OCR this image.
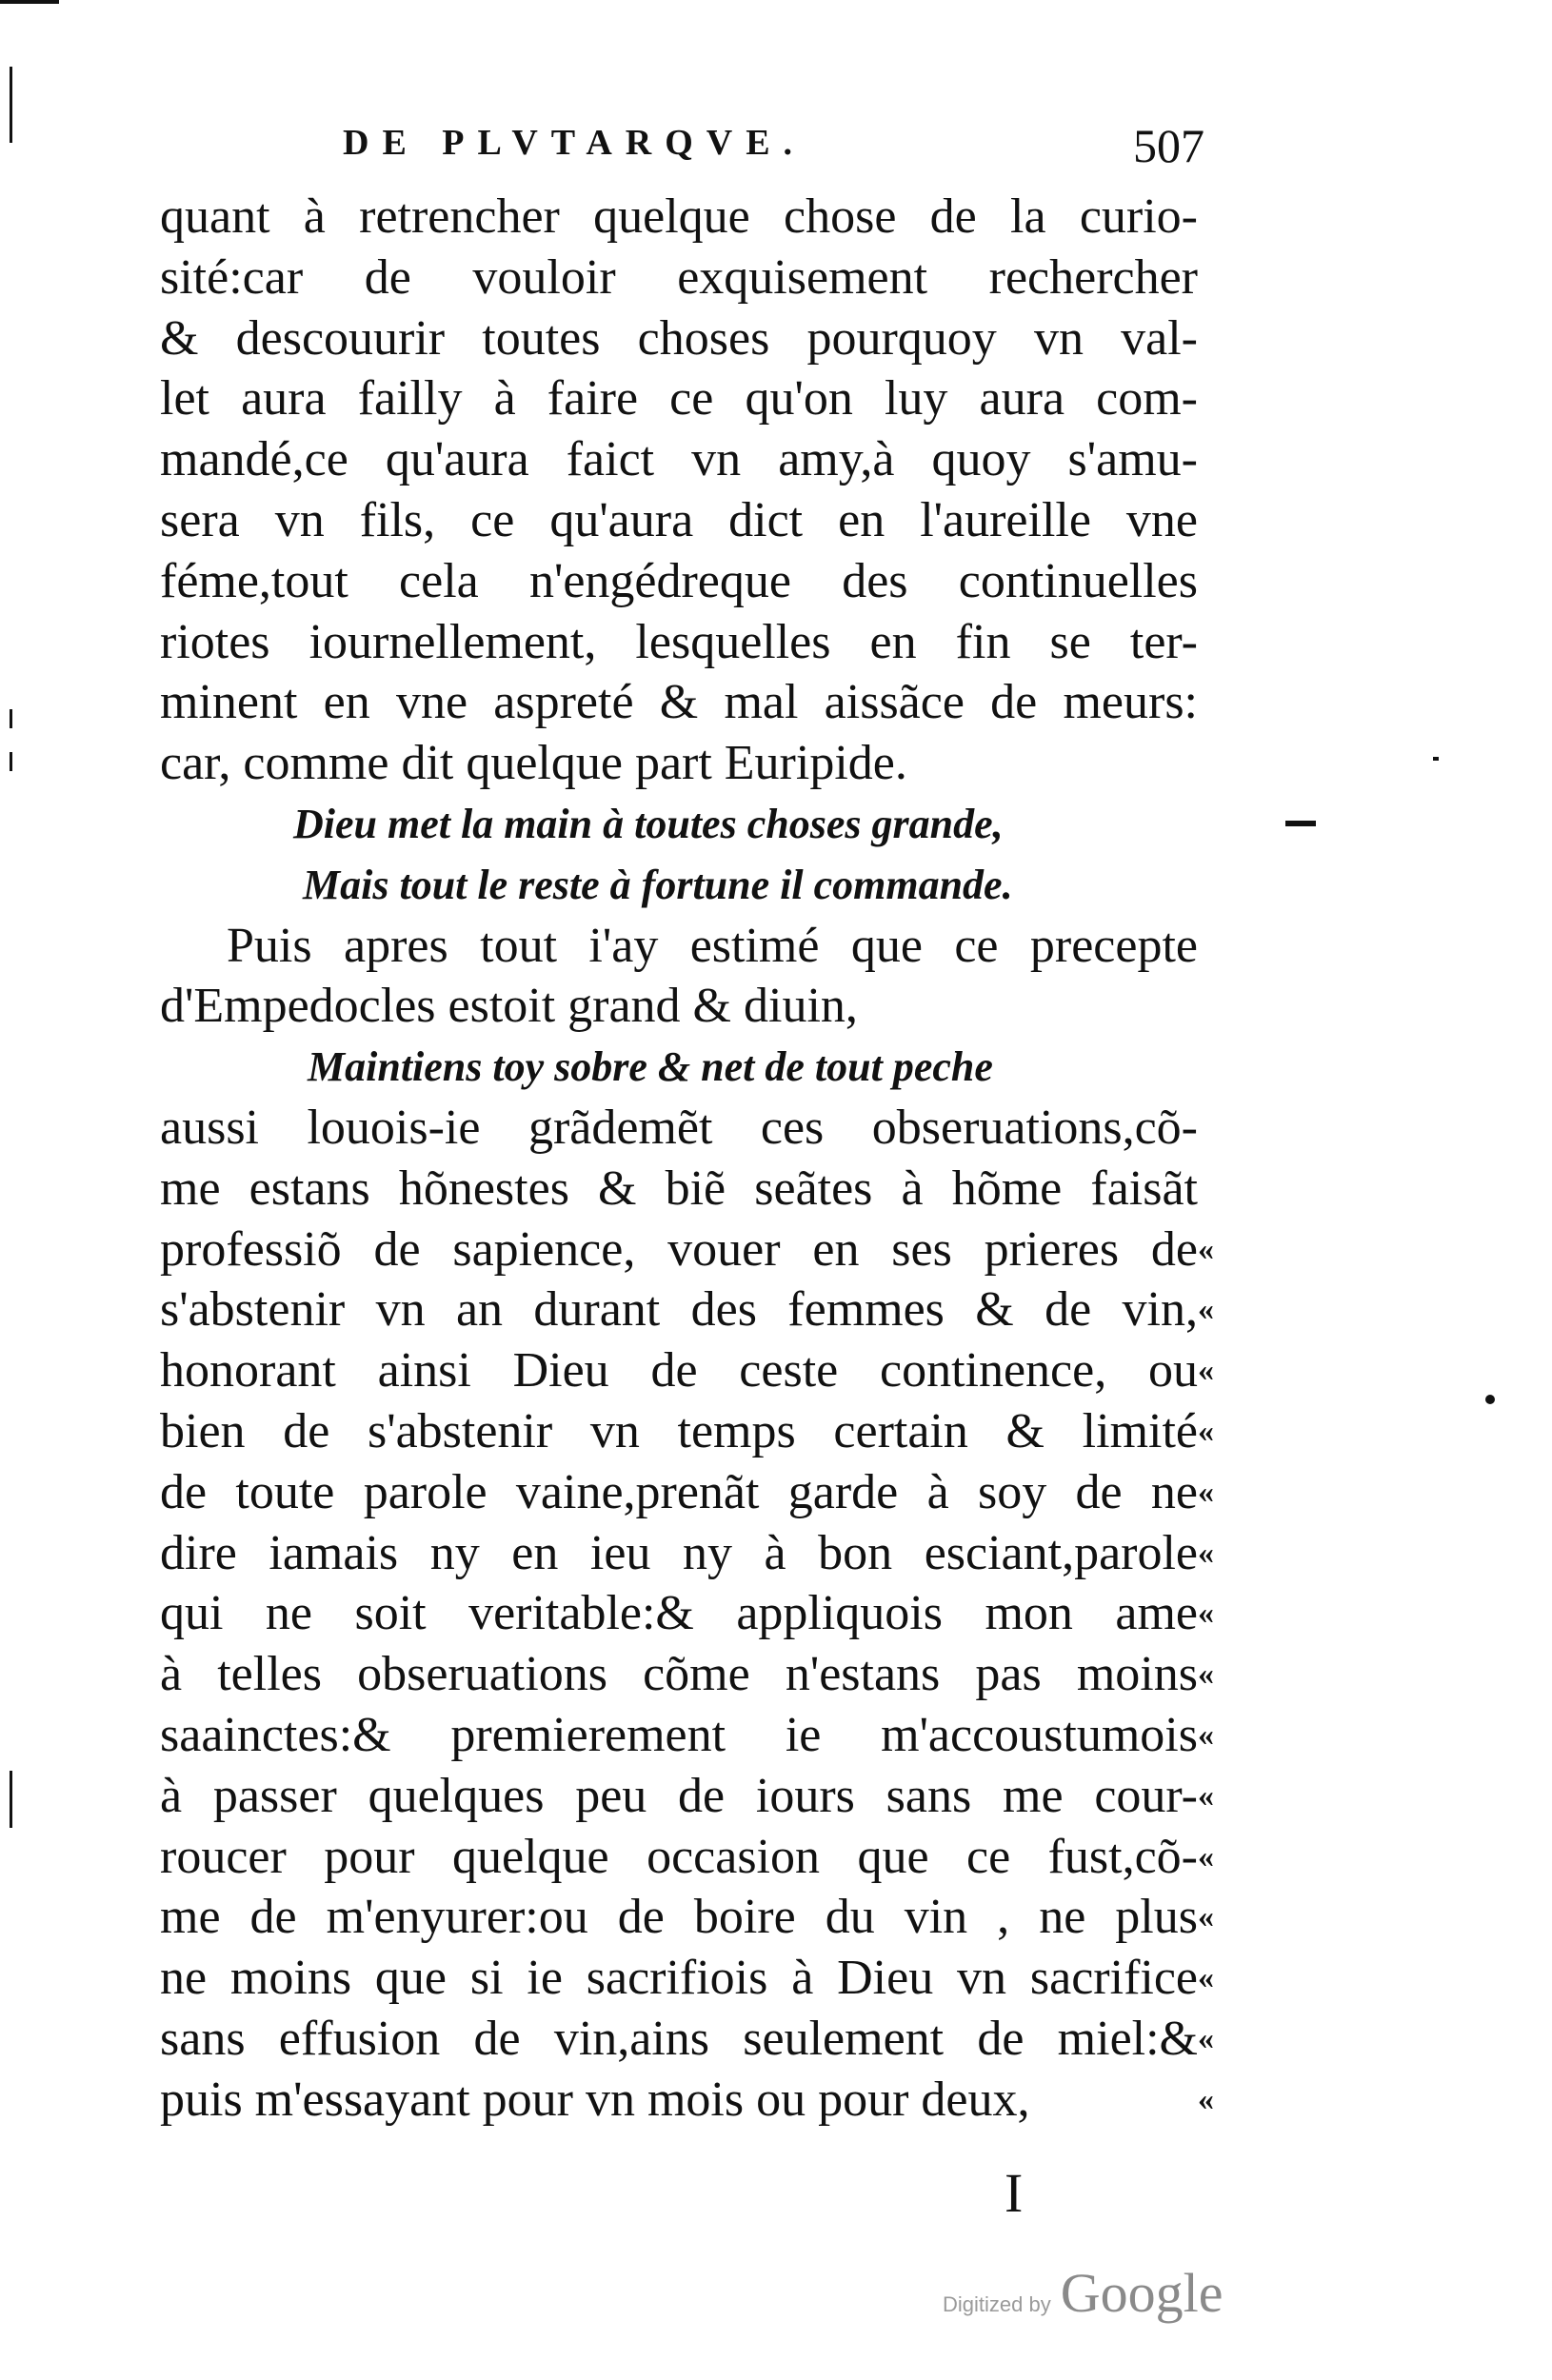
DE PLVTARQVE.	507
quant à retrencher quelque chose de la curio-
sité:car de vouloir exquisement rechercher
& descouurir toutes choses pourquoy vn val-
let aura failly à faire ce qu'on luy aura com-
mandé,ce qu'aura faict vn amy,à quoy s'amu-
sera vn fils, ce qu'aura dict en l'aureille vne
féme,tout cela n'engédreque des continuelles
riotes iournellement, lesquelles en fin se ter-
minent en vne aspreté & mal aissãce de meurs:
car, comme dit quelque part Euripide.
Dieu met la main à toutes choses grande,
Mais tout le reste à fortune il commande.
Puis apres tout i'ay estimé que ce precepte
d'Empedocles estoit grand & diuin,
Maintiens toy sobre & net de tout peche
aussi louois-ie grãdemẽt ces obseruations,cõ-
me estans hõnestes & biẽ seãtes à hõme faisãt
professiõ de sapience, vouer en ses prieres de
s'abstenir vn an durant des femmes & de vin,
honorant ainsi Dieu de ceste continence, ou
bien de s'abstenir vn temps certain & limité
de toute parole vaine,prenãt garde à soy de ne
dire iamais ny en ieu ny à bon esciant,parole
qui ne soit veritable:& appliquois mon ame
à telles obseruations cõme n'estans pas moins
saainctes:& premierement ie m'accoustumois
à passer quelques peu de iours sans me cour-
roucer pour quelque occasion que ce fust,cõ-
me de m'enyurer:ou de boire du vin , ne plus
ne moins que si ie sacrifiois à Dieu vn sacrifice
sans effusion de vin,ains seulement de miel:&
puis m'essayant pour vn mois ou pour deux,
«
«
«
«
«
«
«
«
«
«
«
«
«
«
«
I
Digitized by Google
